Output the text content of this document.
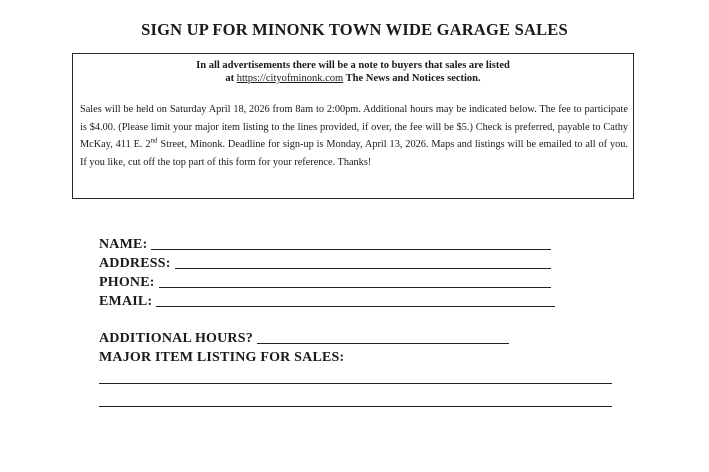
SIGN UP FOR MINONK TOWN WIDE GARAGE SALES
In all advertisements there will be a note to buyers that sales are listed
at https://cityofminonk.com The News and Notices section.
Sales will be held on Saturday April 18, 2026 from 8am to 2:00pm. Additional hours may be indicated below. The fee to participate is $4.00. (Please limit your major item listing to the lines provided, if over, the fee will be $5.) Check is preferred, payable to Cathy McKay, 411 E. 2nd Street, Minonk. Deadline for sign-up is Monday, April 13, 2026. Maps and listings will be emailed to all of you. If you like, cut off the top part of this form for your reference. Thanks!
NAME:
ADDRESS:
PHONE:
EMAIL:
ADDITIONAL HOURS?
MAJOR ITEM LISTING FOR SALES:
